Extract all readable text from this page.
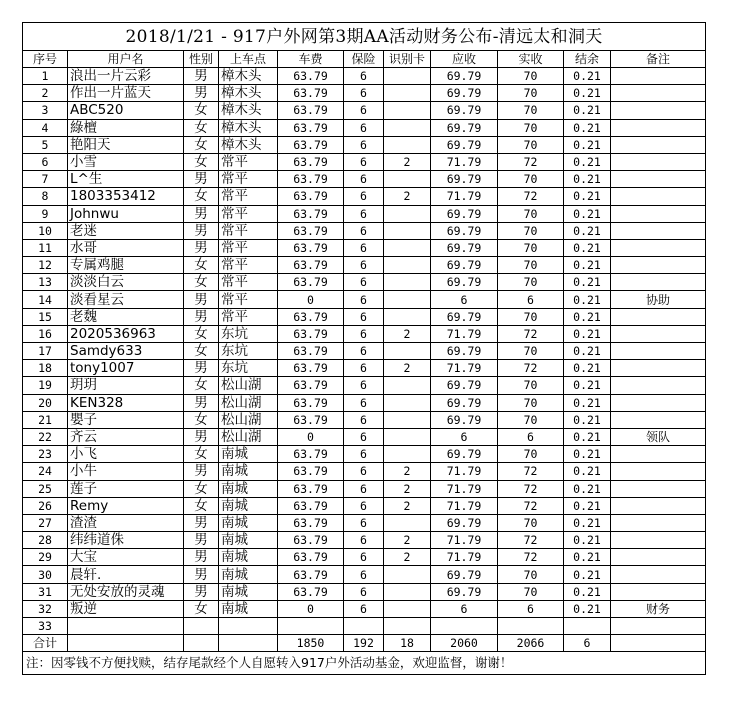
2018/1/21 - 917户外网第3期AA活动财务公布-清远太和洞天										
序号	用户名	性别	上车点	车费	保险	识别卡	应收	实收	结余	备注
1	浪出一片云彩	男	樟木头	63.79	6		69.79	70	0.21	
2	作出一片蓝天	男	樟木头	63.79	6		69.79	70	0.21	
3	ABC520	女	樟木头	63.79	6		69.79	70	0.21	
4	綠檀	女	樟木头	63.79	6		69.79	70	0.21	
5	艳阳天	女	樟木头	63.79	6		69.79	70	0.21	
6	小雪	女	常平	63.79	6	2	71.79	72	0.21	
7	L^生	男	常平	63.79	6		69.79	70	0.21	
8	1803353412	女	常平	63.79	6	2	71.79	72	0.21	
9	Johnwu	男	常平	63.79	6		69.79	70	0.21	
10	老迷	男	常平	63.79	6		69.79	70	0.21	
11	水哥	男	常平	63.79	6		69.79	70	0.21	
12	专属鸡腿	女	常平	63.79	6		69.79	70	0.21	
13	淡淡白云	女	常平	63.79	6		69.79	70	0.21	
14	淡看星云	男	常平	0	6		6	6	0.21	协助
15	老魏	男	常平	63.79	6		69.79	70	0.21	
16	2020536963	女	东坑	63.79	6	2	71.79	72	0.21	
17	Samdy633	女	东坑	63.79	6		69.79	70	0.21	
18	tony1007	男	东坑	63.79	6	2	71.79	72	0.21	
19	玥玥	女	松山湖	63.79	6		69.79	70	0.21	
20	KEN328	男	松山湖	63.79	6		69.79	70	0.21	
21	嬰子	女	松山湖	63.79	6		69.79	70	0.21	
22	齐云	男	松山湖	0	6		6	6	0.21	领队
23	小飞	女	南城	63.79	6		69.79	70	0.21	
24	小牛	男	南城	63.79	6	2	71.79	72	0.21	
25	莲子	女	南城	63.79	6	2	71.79	72	0.21	
26	Remy	女	南城	63.79	6	2	71.79	72	0.21	
27	渣渣	男	南城	63.79	6		69.79	70	0.21	
28	纬纬道侏	男	南城	63.79	6	2	71.79	72	0.21	
29	大宝	男	南城	63.79	6	2	71.79	72	0.21	
30	晨轩.	男	南城	63.79	6		69.79	70	0.21	
31	无处安放的灵魂	男	南城	63.79	6		69.79	70	0.21	
32	叛逆	女	南城	0	6		6	6	0.21	财务
33										
合计				1850	192	18	2060	2066	6	
注：因零钱不方便找赎，结存尾款经个人自愿转入917户外活动基金，欢迎监督，谢谢！										
